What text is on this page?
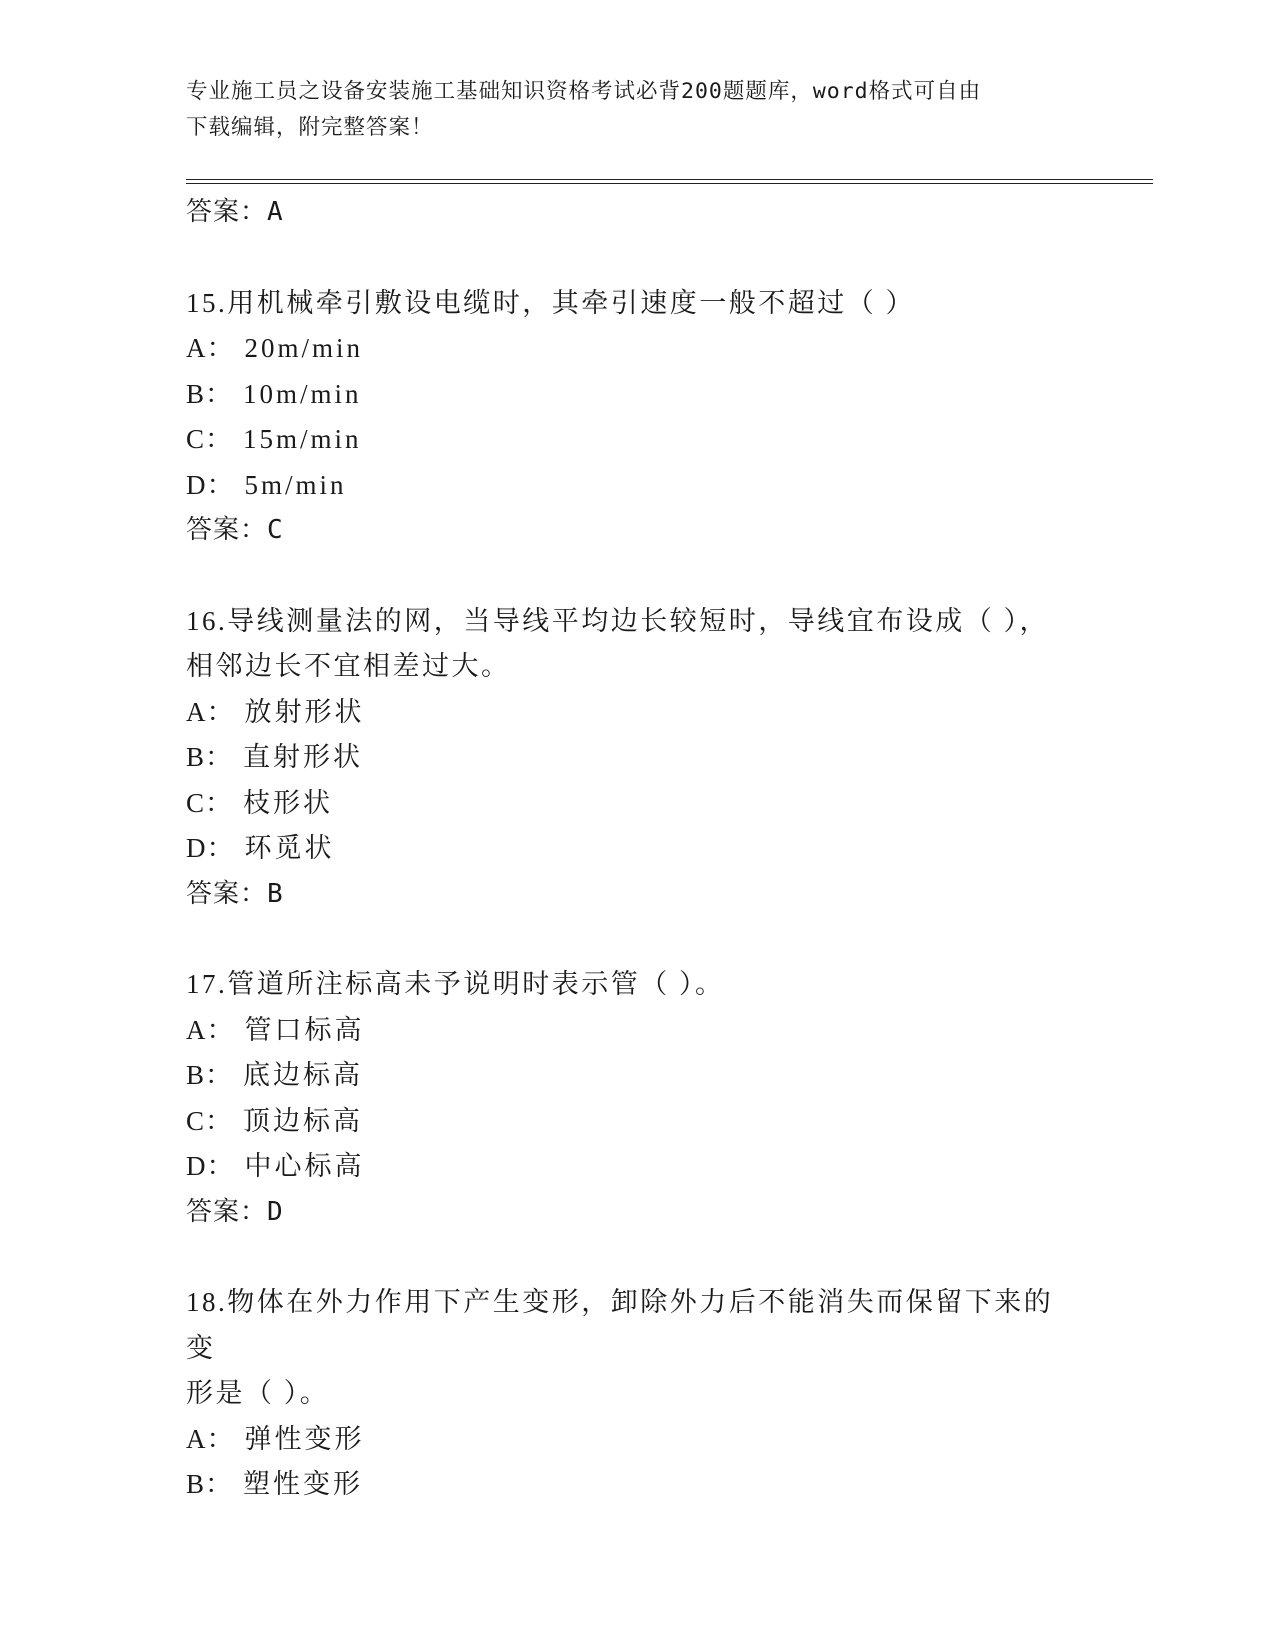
专业施工员之设备安装施工基础知识资格考试必背200题题库，word格式可自由
下载编辑，附完整答案！
答案：A
15.用机械牵引敷设电缆时，其牵引速度一般不超过（ ）
A： 20m/min
B： 10m/min
C： 15m/min
D： 5m/min
答案：C
16.导线测量法的网，当导线平均边长较短时，导线宜布设成（ ），
相邻边长不宜相差过大。
A： 放射形状
B： 直射形状
C： 枝形状
D： 环觅状
答案：B
17.管道所注标高未予说明时表示管（ ）。
A： 管口标高
B： 底边标高
C： 顶边标高
D： 中心标高
答案：D
18.物体在外力作用下产生变形，卸除外力后不能消失而保留下来的变
形是（ ）。
A： 弹性变形
B： 塑性变形
